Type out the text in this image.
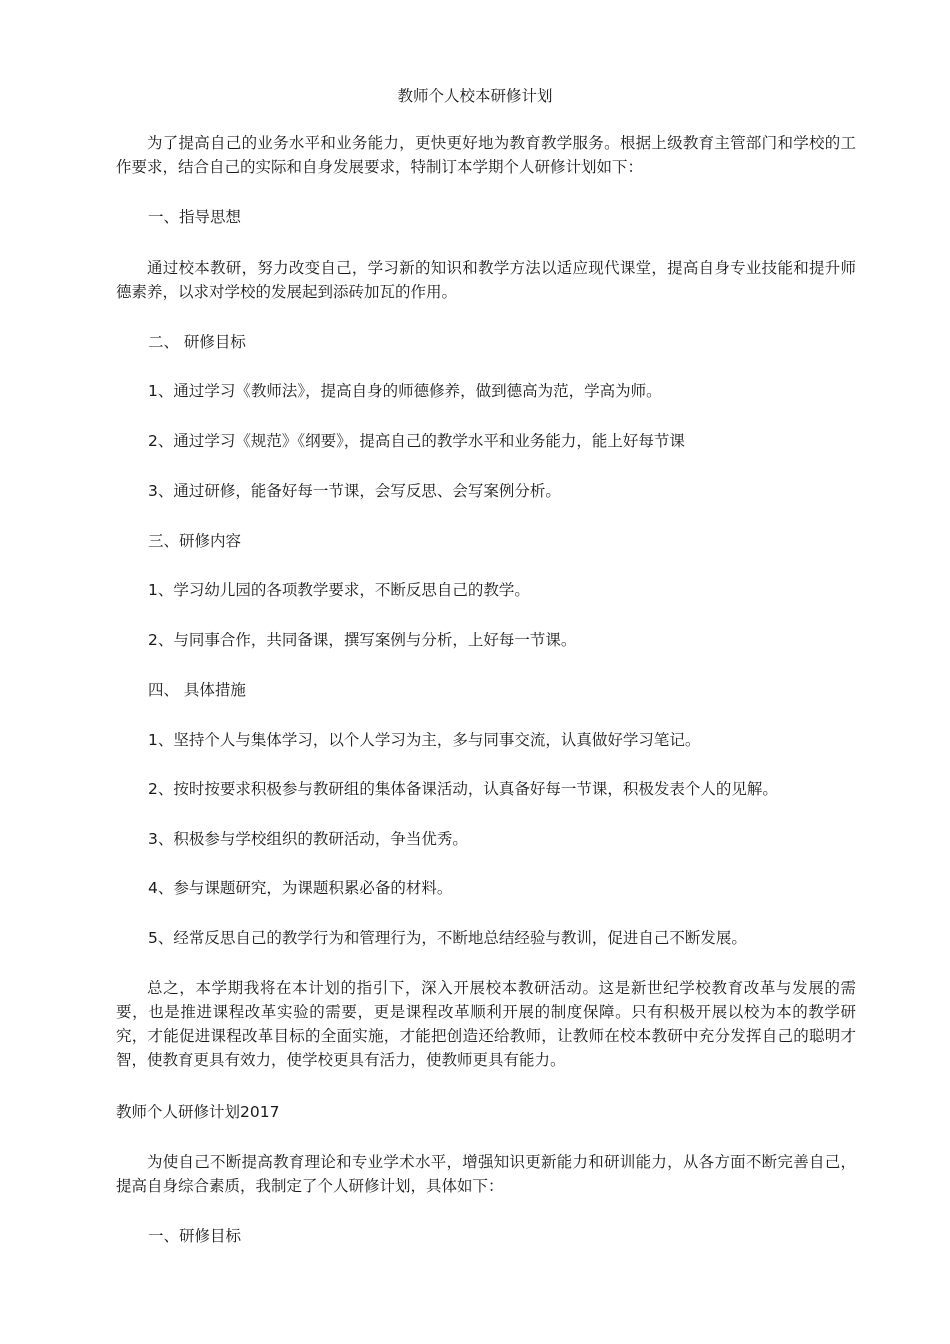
教师个人校本研修计划

为了提高自己的业务水平和业务能力，更快更好地为教育教学服务。根据上级教育主管部门和学校的工作要求，结合自己的实际和自身发展要求，特制订本学期个人研修计划如下：

一、指导思想

通过校本教研，努力改变自己，学习新的知识和教学方法以适应现代课堂，提高自身专业技能和提升师德素养，以求对学校的发展起到添砖加瓦的作用。

二、 研修目标

1、通过学习《教师法》，提高自身的师德修养，做到德高为范，学高为师。

2、通过学习《规范》《纲要》，提高自己的教学水平和业务能力，能上好每节课

3、通过研修，能备好每一节课，会写反思、会写案例分析。

三、研修内容

1、学习幼儿园的各项教学要求，不断反思自己的教学。

2、与同事合作，共同备课，撰写案例与分析，上好每一节课。

四、 具体措施

1、坚持个人与集体学习，以个人学习为主，多与同事交流，认真做好学习笔记。

2、按时按要求积极参与教研组的集体备课活动，认真备好每一节课，积极发表个人的见解。

3、积极参与学校组织的教研活动，争当优秀。

4、参与课题研究，为课题积累必备的材料。

5、经常反思自己的教学行为和管理行为，不断地总结经验与教训，促进自己不断发展。

总之，本学期我将在本计划的指引下，深入开展校本教研活动。这是新世纪学校教育改革与发展的需要，也是推进课程改革实验的需要，更是课程改革顺利开展的制度保障。只有积极开展以校为本的教学研究，才能促进课程改革目标的全面实施，才能把创造还给教师，让教师在校本教研中充分发挥自己的聪明才智，使教育更具有效力，使学校更具有活力，使教师更具有能力。

教师个人研修计划2017

为使自己不断提高教育理论和专业学术水平，增强知识更新能力和研训能力，从各方面不断完善自己，提高自身综合素质，我制定了个人研修计划，具体如下：

一、研修目标
